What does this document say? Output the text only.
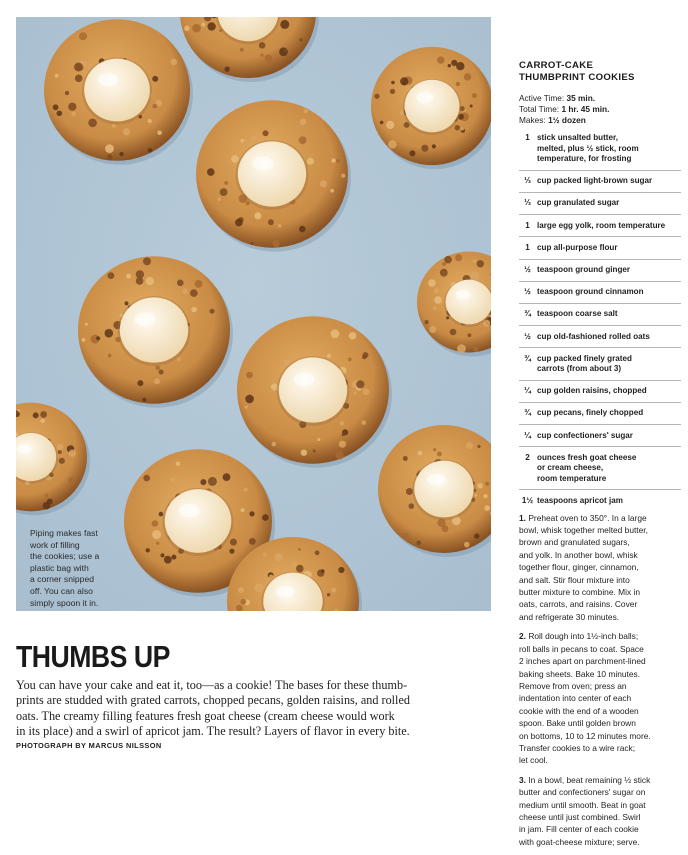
Piping makes fast
work of filling
the cookies; use a
plastic bag with
a corner snipped
off. You can also
simply spoon it in.
CARROT-CAKE
THUMBPRINT COOKIES
Active Time: 35 min.
Total Time: 1 hr. 45 min.
Makes: 1½ dozen
1 stick unsalted butter,
melted, plus ½ stick, room
temperature, for frosting
⅓ cup packed light-brown sugar
⅓ cup granulated sugar
1 large egg yolk, room temperature
1 cup all-purpose flour
½ teaspoon ground ginger
½ teaspoon ground cinnamon
¾ teaspoon coarse salt
½ cup old-fashioned rolled oats
¾ cup packed finely grated
carrots (from about 3)
¼ cup golden raisins, chopped
¾ cup pecans, finely chopped
¼ cup confectioners' sugar
2 ounces fresh goat cheese
or cream cheese,
room temperature
1½ teaspoons apricot jam
1. Preheat oven to 350°. In a large
bowl, whisk together melted butter,
brown and granulated sugars,
and yolk. In another bowl, whisk
together flour, ginger, cinnamon,
and salt. Stir flour mixture into
butter mixture to combine. Mix in
oats, carrots, and raisins. Cover
and refrigerate 30 minutes.
2. Roll dough into 1½-inch balls;
roll balls in pecans to coat. Space
2 inches apart on parchment-lined
baking sheets. Bake 10 minutes.
Remove from oven; press an
indentation into center of each
cookie with the end of a wooden
spoon. Bake until golden brown
on bottoms, 10 to 12 minutes more.
Transfer cookies to a wire rack;
let cool.
3. In a bowl, beat remaining ½ stick
butter and confectioners' sugar on
medium until smooth. Beat in goat
cheese until just combined. Swirl
in jam. Fill center of each cookie
with goat-cheese mixture; serve.
THUMBS UP
You can have your cake and eat it, too—as a cookie! The bases for these thumb-
prints are studded with grated carrots, chopped pecans, golden raisins, and rolled
oats. The creamy filling features fresh goat cheese (cream cheese would work
in its place) and a swirl of apricot jam. The result? Layers of flavor in every bite.
PHOTOGRAPH BY MARCUS NILSSON
